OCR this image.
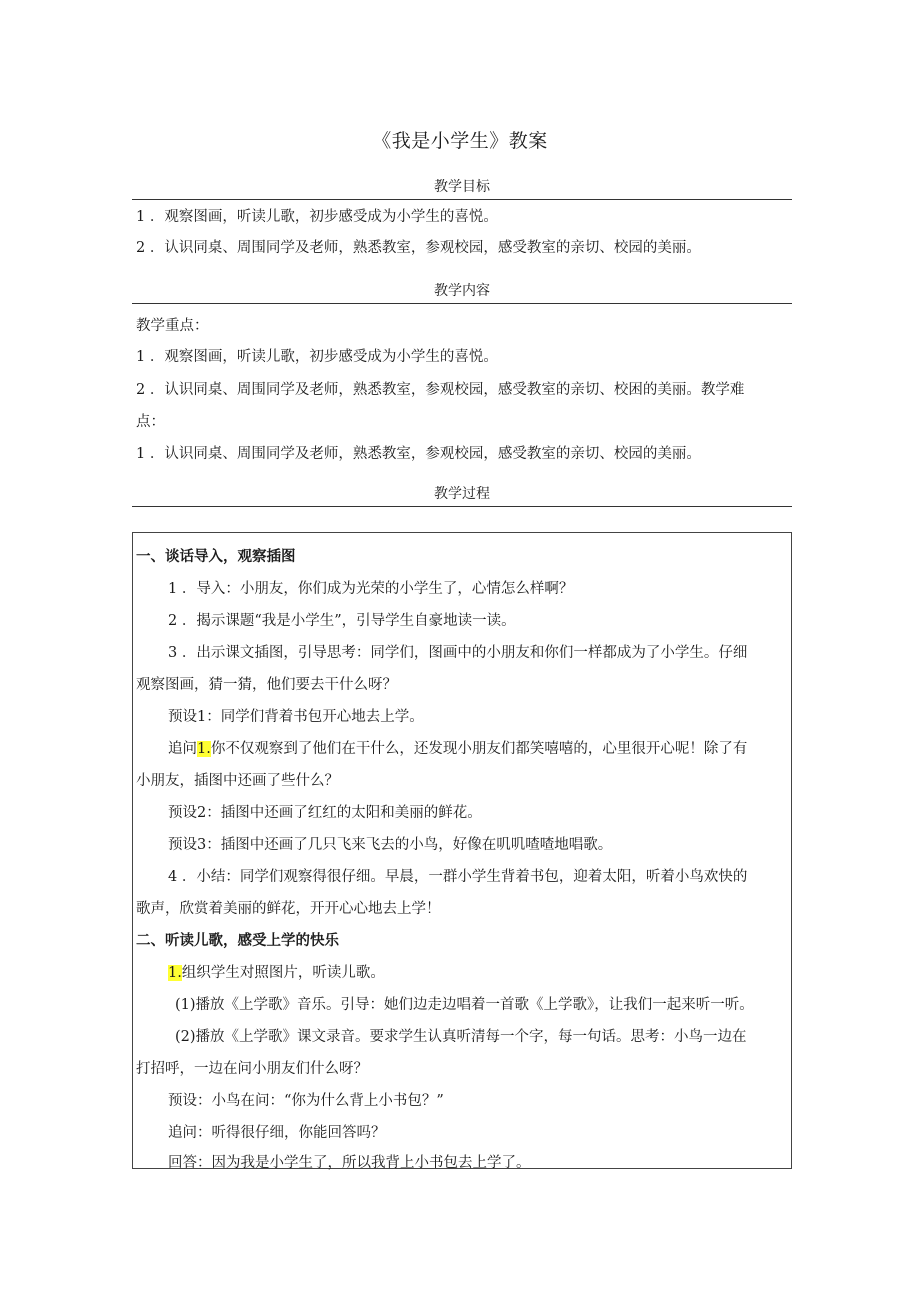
《我是小学生》教案
教学目标
1 ．观察图画，听读儿歌，初步感受成为小学生的喜悦。
2 ．认识同桌、周围同学及老师，熟悉教室，参观校园，感受教室的亲切、校园的美丽。
教学内容
教学重点：
1 ．观察图画，听读儿歌，初步感受成为小学生的喜悦。
2 ．认识同桌、周围同学及老师，熟悉教室，参观校园，感受教室的亲切、校困的美丽。教学难
点：
1 ．认识同桌、周围同学及老师，熟悉教室，参观校园，感受教室的亲切、校园的美丽。
教学过程
一、谈话导入，观察插图
1 ．导入：小朋友，你们成为光荣的小学生了，心情怎么样啊？
2 ．揭示课题“我是小学生”，引导学生自豪地读一读。
3 ．出示课文插图，引导思考：同学们，图画中的小朋友和你们一样都成为了小学生。仔细
观察图画，猜一猜，他们要去干什么呀？
预设1：同学们背着书包开心地去上学。
追问1.你不仅观察到了他们在干什么，还发现小朋友们都笑嘻嘻的，心里很开心呢！除了有
小朋友，插图中还画了些什么？
预设2：插图中还画了红红的太阳和美丽的鲜花。
预设3：插图中还画了几只飞来飞去的小鸟，好像在叽叽喳喳地唱歌。
4 ．小结：同学们观察得很仔细。早晨，一群小学生背着书包，迎着太阳，听着小鸟欢快的
歌声，欣赏着美丽的鲜花，开开心心地去上学！
二、听读儿歌，感受上学的快乐
1.组织学生对照图片，听读儿歌。
(1)播放《上学歌》音乐。引导：她们边走边唱着一首歌《上学歌》，让我们一起来听一听。
(2)播放《上学歌》课文录音。要求学生认真听清每一个字，每一句话。思考：小鸟一边在
打招呼，一边在问小朋友们什么呀？
预设：小鸟在问：“你为什么背上小书包？”
追问：听得很仔细，你能回答吗？
回答：因为我是小学生了，所以我背上小书包去上学了。
